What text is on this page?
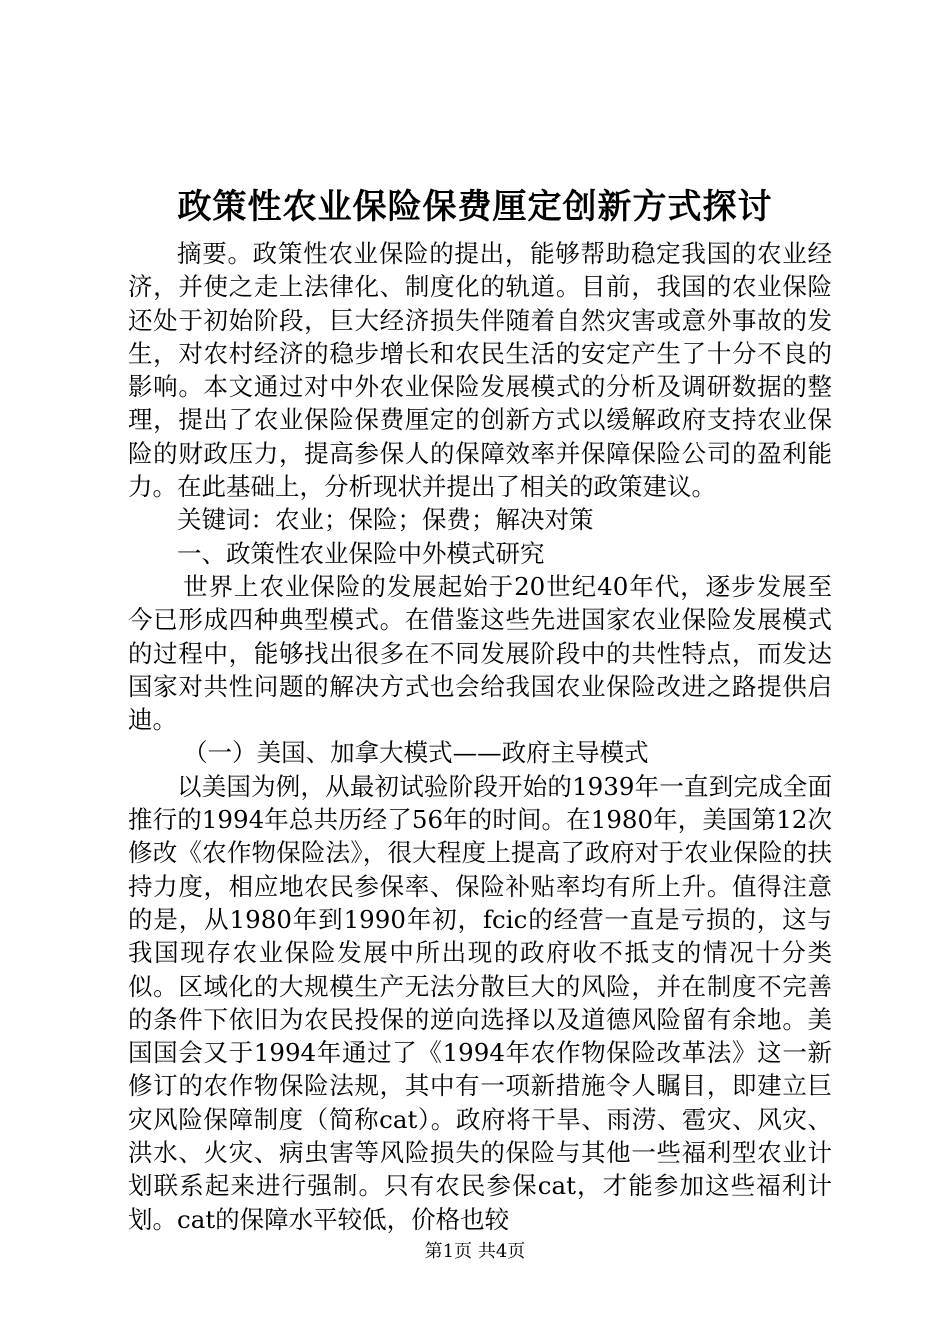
政策性农业保险保费厘定创新方式探讨

摘要。政策性农业保险的提出，能够帮助稳定我国的农业经济，并使之走上法律化、制度化的轨道。目前，我国的农业保险还处于初始阶段，巨大经济损失伴随着自然灾害或意外事故的发生，对农村经济的稳步增长和农民生活的安定产生了十分不良的影响。本文通过对中外农业保险发展模式的分析及调研数据的整理，提出了农业保险保费厘定的创新方式以缓解政府支持农业保险的财政压力，提高参保人的保障效率并保障保险公司的盈利能力。在此基础上，分析现状并提出了相关的政策建议。

关键词：农业；保险；保费；解决对策

一、政策性农业保险中外模式研究

世界上农业保险的发展起始于20世纪40年代，逐步发展至今已形成四种典型模式。在借鉴这些先进国家农业保险发展模式的过程中，能够找出很多在不同发展阶段中的共性特点，而发达国家对共性问题的解决方式也会给我国农业保险改进之路提供启迪。

（一）美国、加拿大模式——政府主导模式

以美国为例，从最初试验阶段开始的1939年一直到完成全面推行的1994年总共历经了56年的时间。在1980年，美国第12次修改《农作物保险法》，很大程度上提高了政府对于农业保险的扶持力度，相应地农民参保率、保险补贴率均有所上升。值得注意的是，从1980年到1990年初，fcic的经营一直是亏损的，这与我国现存农业保险发展中所出现的政府收不抵支的情况十分类似。区域化的大规模生产无法分散巨大的风险，并在制度不完善的条件下依旧为农民投保的逆向选择以及道德风险留有余地。美国国会又于1994年通过了《1994年农作物保险改革法》这一新修订的农作物保险法规，其中有一项新措施令人瞩目，即建立巨灾风险保障制度（简称cat）。政府将干旱、雨涝、雹灾、风灾、洪水、火灾、病虫害等风险损失的保险与其他一些福利型农业计划联系起来进行强制。只有农民参保cat，才能参加这些福利计划。cat的保障水平较低，价格也较

第1页 共4页
